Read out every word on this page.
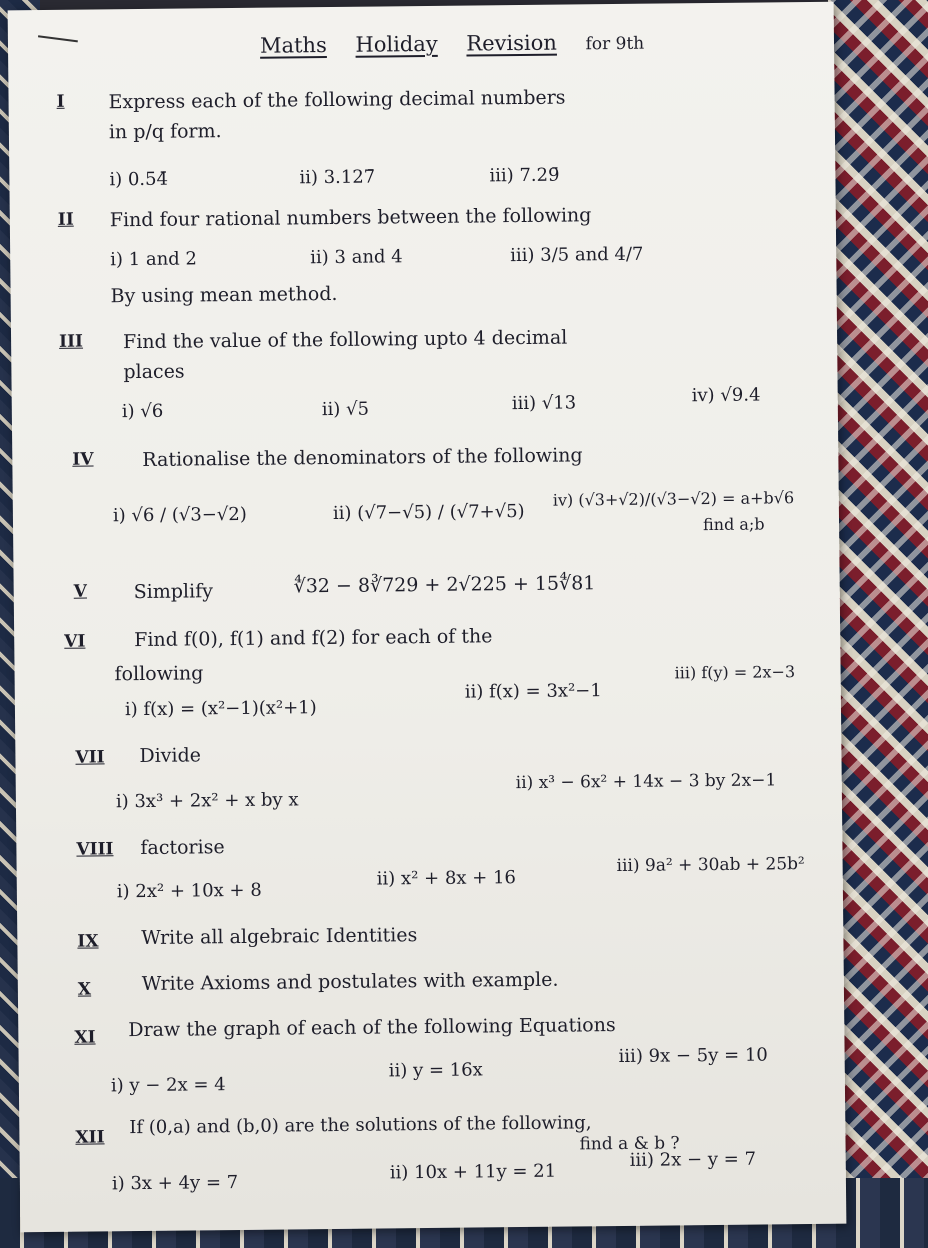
Maths Holiday Revision for 9th
I Express each of the following decimal numbers
in p/q form.
i) 0.54̄	ii) 3.127̄	iii) 7.29̄
II Find four rational numbers between the following
i) 1 and 2	ii) 3 and 4	iii) 3/5 and 4/7
By using mean method.
III Find the value of the following upto 4 decimal
places
i) √6	ii) √5	iii) √13	iv) √9.4
IV	Rationalise the denominators of the following
i) √6 / (√3−√2)	ii) (√7−√5) / (√7+√5)
iv) (√3+√2)/(√3−√2) = a+b√6
find a;b
V Simplify	∜32 − 8∛729 + 2√225 + 15∜81
VI	Find f(0), f(1) and f(2) for each of the
following
i) f(x) = (x²−1)(x²+1)
ii) f(x) = 3x²−1
iii) f(y) = 2x−3
VII Divide
i) 3x³ + 2x² + x by x
ii) x³ − 6x² + 14x − 3 by 2x−1
VIII factorise
i) 2x² + 10x + 8
ii) x² + 8x + 16
iii) 9a² + 30ab + 25b²
IX Write all algebraic Identities
X	Write Axioms and postulates with example.
XI Draw the graph of each of the following Equations
i) y − 2x = 4
ii) y = 16x
iii) 9x − 5y = 10
XII If (0,a) and (b,0) are the solutions of the following,
find a & b ?
i) 3x + 4y = 7	ii) 10x + 11y = 21
iii) 2x − y = 7
